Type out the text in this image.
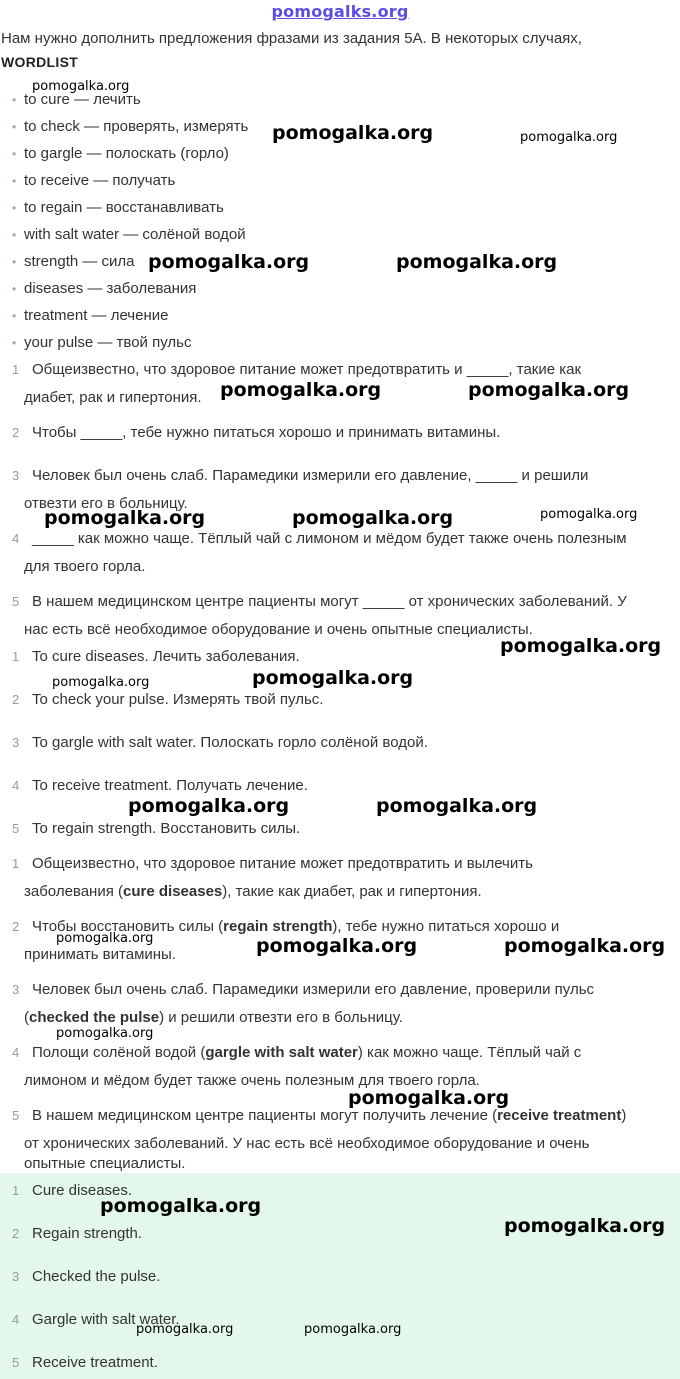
pomogalks.org
Нам нужно дополнить предложения фразами из задания 5A. В некоторых случаях,
WORDLIST
• to cure — лечить
• to check — проверять, измерять
• to gargle — полоскать (горло)
• to receive — получать
• to regain — восстанавливать
• with salt water — солёной водой
• strength — сила
• diseases — заболевания
• treatment — лечение
• your pulse — твой пульс
1 Общеизвестно, что здоровое питание может предотвратить и _____, такие как
диабет, рак и гипертония.
2 Чтобы _____, тебе нужно питаться хорошо и принимать витамины.
3 Человек был очень слаб. Парамедики измерили его давление, _____ и решили
отвезти его в больницу.
4 _____ как можно чаще. Тёплый чай с лимоном и мёдом будет также очень полезным
для твоего горла.
5 В нашем медицинском центре пациенты могут _____ от хронических заболеваний. У
нас есть всё необходимое оборудование и очень опытные специалисты.
1 To cure diseases. Лечить заболевания.
2 To check your pulse. Измерять твой пульс.
3 To gargle with salt water. Полоскать горло солёной водой.
4 To receive treatment. Получать лечение.
5 To regain strength. Восстановить силы.
1 Общеизвестно, что здоровое питание может предотвратить и вылечить
заболевания (cure diseases), такие как диабет, рак и гипертония.
2 Чтобы восстановить силы (regain strength), тебе нужно питаться хорошо и
принимать витамины.
3 Человек был очень слаб. Парамедики измерили его давление, проверили пульс
(checked the pulse) и решили отвезти его в больницу.
4 Полощи солёной водой (gargle with salt water) как можно чаще. Тёплый чай с
лимоном и мёдом будет также очень полезным для твоего горла.
5 В нашем медицинском центре пациенты могут получить лечение (receive treatment)
от хронических заболеваний. У нас есть всё необходимое оборудование и очень
опытные специалисты.
1 Cure diseases.
2 Regain strength.
3 Checked the pulse.
4 Gargle with salt water.
5 Receive treatment.
pomogalka.org
pomogalka.org	pomogalka.org
pomogalka.org	pomogalka.org
pomogalka.org	pomogalka.org
pomogalka.org	pomogalka.org	pomogalka.org
pomogalka.org
pomogalka.org	pomogalka.org
pomogalka.org	pomogalka.org
pomogalka.org	pomogalka.org	pomogalka.org
pomogalka.org
pomogalka.org
pomogalka.org
pomogalka.org
pomogalka.org	pomogalka.org
